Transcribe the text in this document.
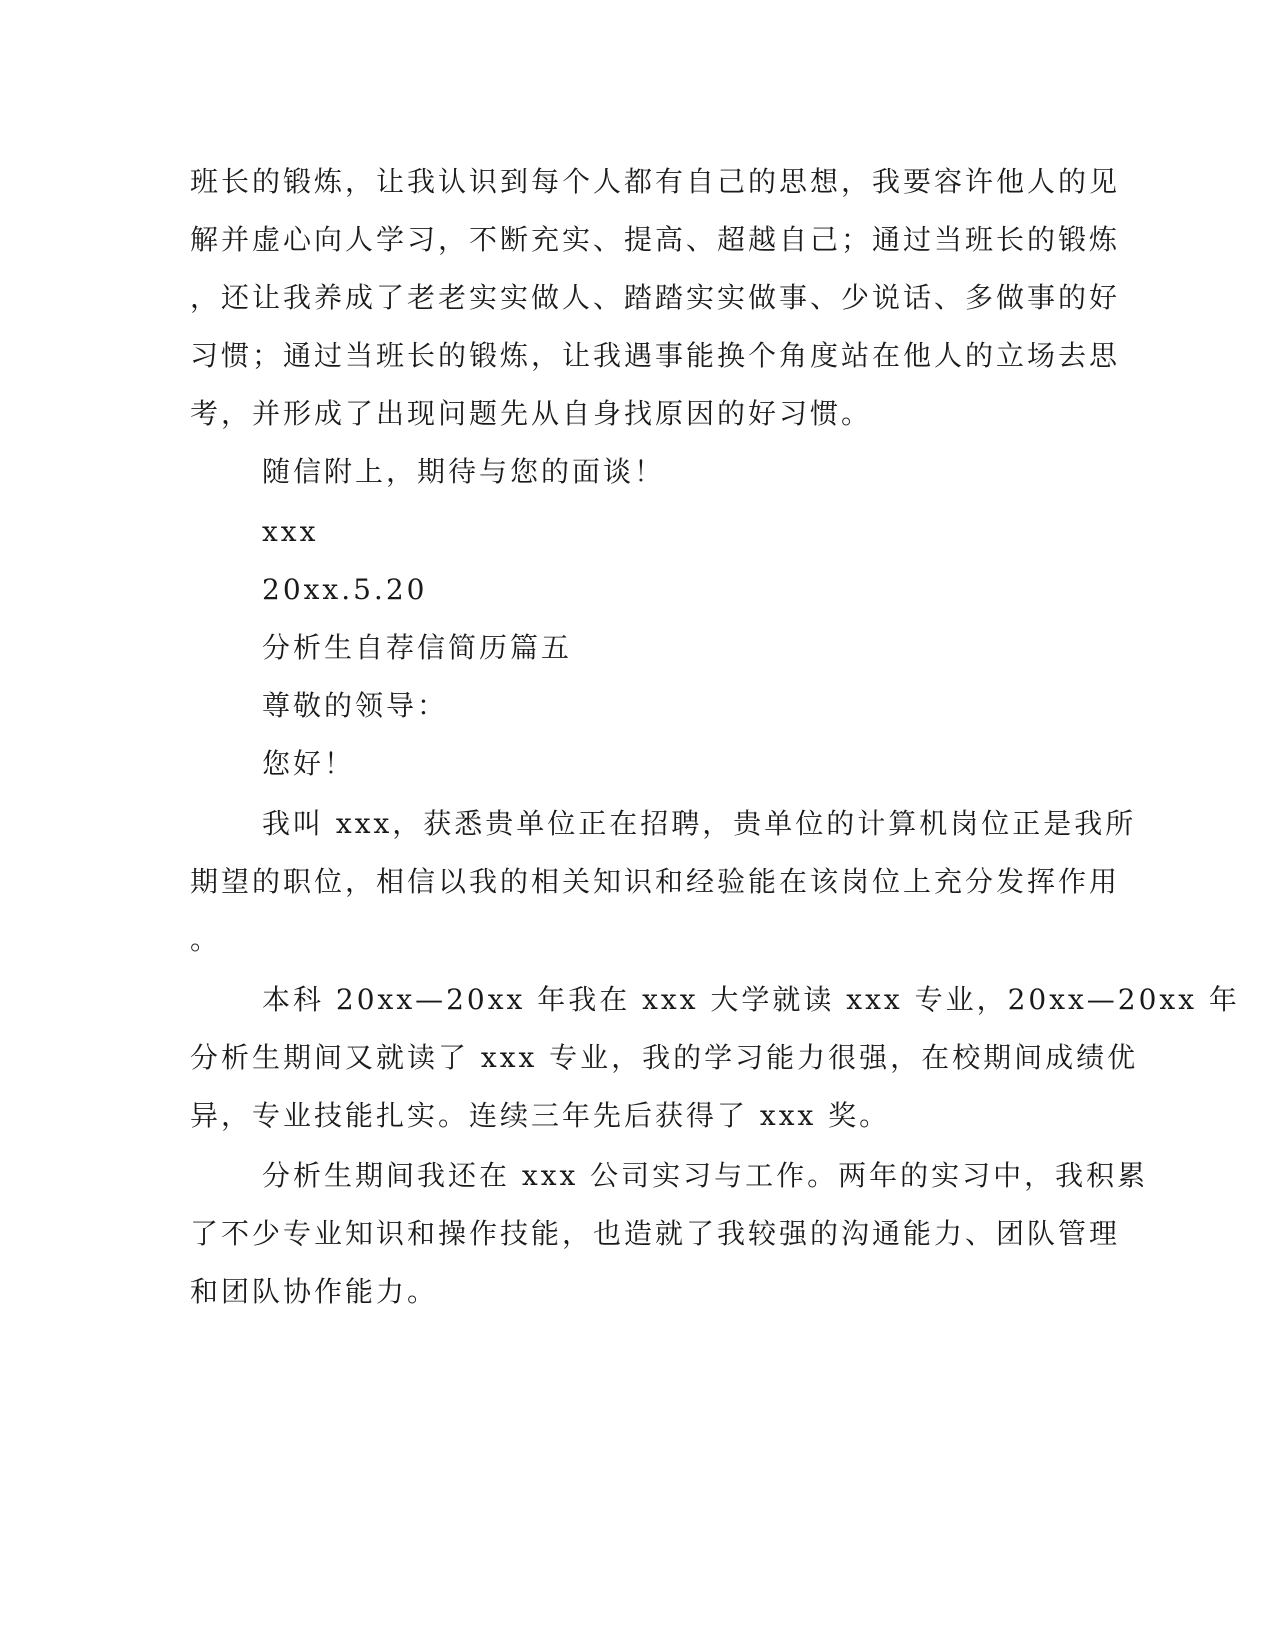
班长的锻炼，让我认识到每个人都有自己的思想，我要容许他人的见
解并虚心向人学习，不断充实、提高、超越自己；通过当班长的锻炼
，还让我养成了老老实实做人、踏踏实实做事、少说话、多做事的好
习惯；通过当班长的锻炼，让我遇事能换个角度站在他人的立场去思
考，并形成了出现问题先从自身找原因的好习惯。
随信附上，期待与您的面谈！
xxx
20xx.5.20
分析生自荐信简历篇五
尊敬的领导：
您好！
我叫 xxx，获悉贵单位正在招聘，贵单位的计算机岗位正是我所
期望的职位，相信以我的相关知识和经验能在该岗位上充分发挥作用
。
本科 20xx—20xx 年我在 xxx 大学就读 xxx 专业，20xx—20xx 年
分析生期间又就读了 xxx 专业，我的学习能力很强，在校期间成绩优
异，专业技能扎实。连续三年先后获得了 xxx 奖。
分析生期间我还在 xxx 公司实习与工作。两年的实习中，我积累
了不少专业知识和操作技能，也造就了我较强的沟通能力、团队管理
和团队协作能力。
